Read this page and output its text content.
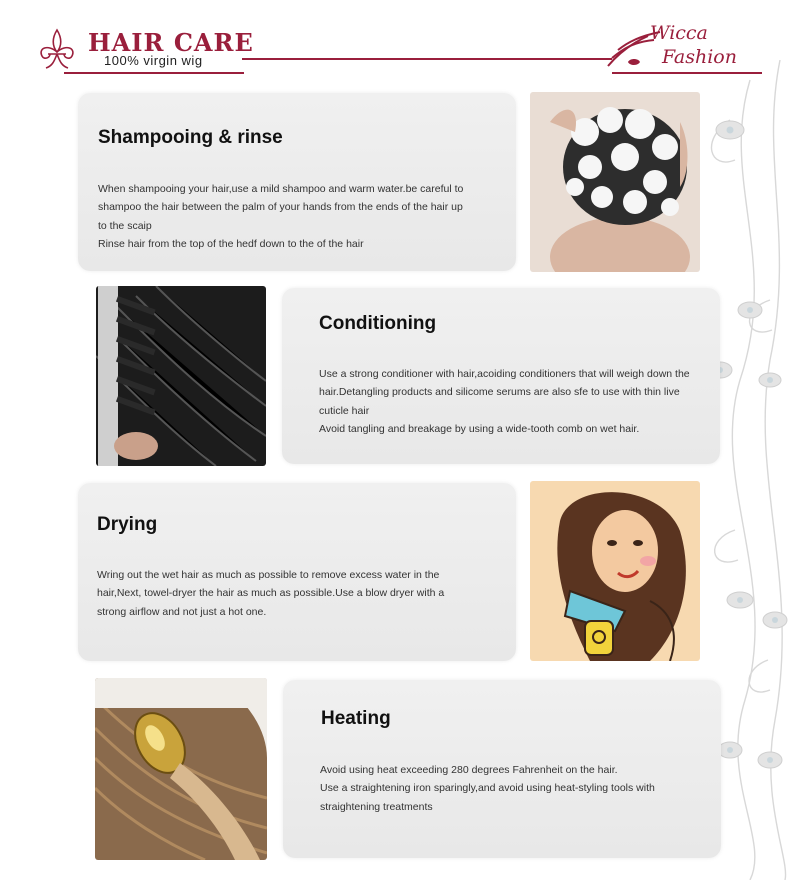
HAIR CARE
100% virgin wig
Wicca
Fashion
Shampooing & rinse
When shampooing your hair,use a mild shampoo and warm water.be careful to
shampoo the hair between the palm of your hands from the ends of the hair up
to the scaip
Rinse hair from the top of the hedf down to the of the hair
Conditioning
Use a strong conditioner with hair,acoiding conditioners that will weigh down the
hair.Detangling products and silicome serums are also sfe to use with thin live
cuticle hair
Avoid tangling and breakage by using a wide-tooth comb on wet hair.
Drying
Wring out the wet hair as much as possible to remove excess water in the
hair,Next, towel-dryer the hair as much as possible.Use a blow dryer with a
strong airflow and not just a hot one.
Heating
Avoid using heat exceeding 280 degrees Fahrenheit on the hair.
Use a straightening iron sparingly,and avoid using heat-styling tools with
straightening treatments
